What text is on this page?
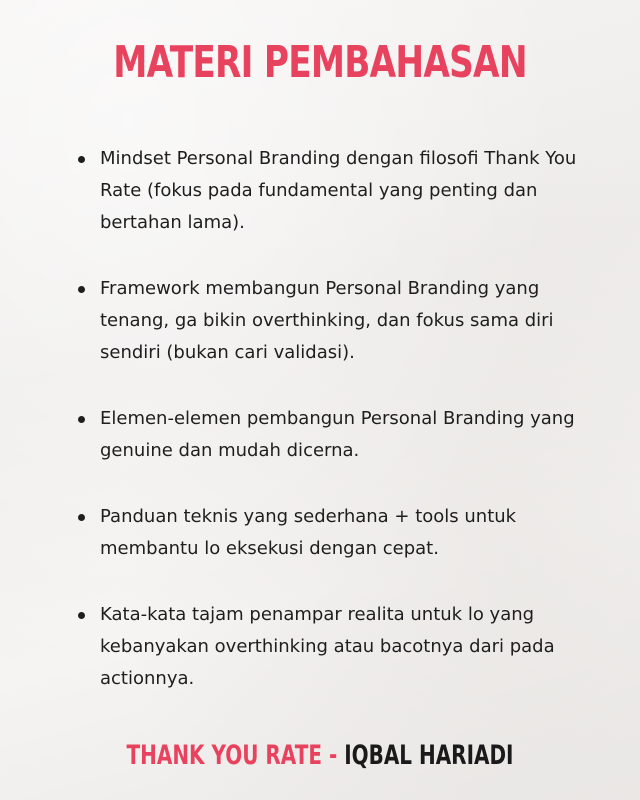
MATERI PEMBAHASAN
Mindset Personal Branding dengan filosofi Thank You Rate (fokus pada fundamental yang penting dan bertahan lama).
Framework membangun Personal Branding yang tenang, ga bikin overthinking, dan fokus sama diri sendiri (bukan cari validasi).
Elemen-elemen pembangun Personal Branding yang genuine dan mudah dicerna.
Panduan teknis yang sederhana + tools untuk membantu lo eksekusi dengan cepat.
Kata-kata tajam penampar realita untuk lo yang kebanyakan overthinking atau bacotnya dari pada actionnya.
THANK YOU RATE - IQBAL HARIADI
